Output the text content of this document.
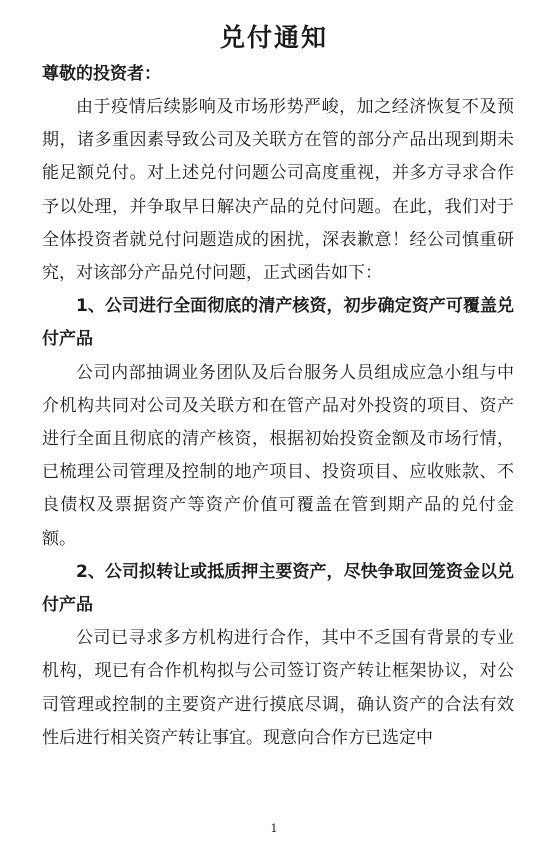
兑付通知
尊敬的投资者：

由于疫情后续影响及市场形势严峻，加之经济恢复不及预期，诸多重因素导致公司及关联方在管的部分产品出现到期未能足额兑付。对上述兑付问题公司高度重视，并多方寻求合作予以处理，并争取早日解决产品的兑付问题。在此，我们对于全体投资者就兑付问题造成的困扰，深表歉意！经公司慎重研究，对该部分产品兑付问题，正式函告如下：

1、公司进行全面彻底的清产核资，初步确定资产可覆盖兑付产品

公司内部抽调业务团队及后台服务人员组成应急小组与中介机构共同对公司及关联方和在管产品对外投资的项目、资产进行全面且彻底的清产核资，根据初始投资金额及市场行情，已梳理公司管理及控制的地产项目、投资项目、应收账款、不良债权及票据资产等资产价值可覆盖在管到期产品的兑付金额。

2、公司拟转让或抵质押主要资产，尽快争取回笼资金以兑付产品

公司已寻求多方机构进行合作，其中不乏国有背景的专业机构，现已有合作机构拟与公司签订资产转让框架协议，对公司管理或控制的主要资产进行摸底尽调，确认资产的合法有效性后进行相关资产转让事宜。现意向合作方已选定中

1
